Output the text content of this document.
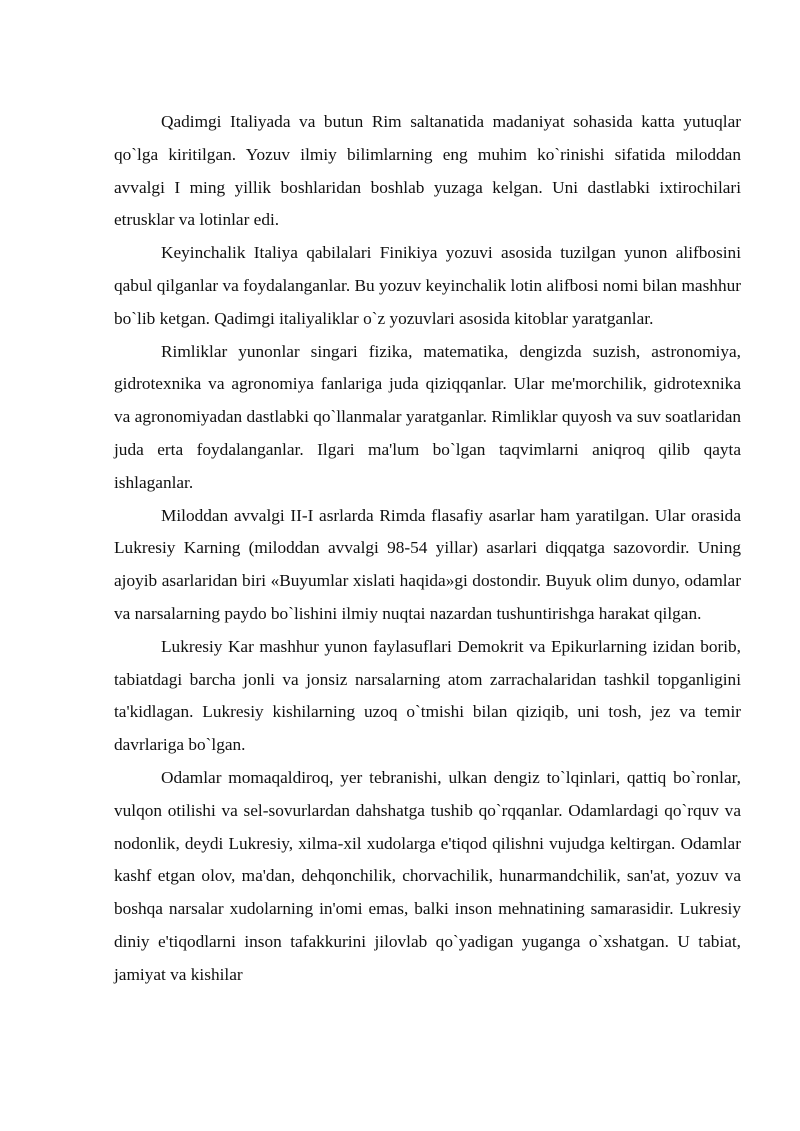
Qadimgi Italiyada va butun Rim saltanatida madaniyat sohasida katta yutuqlar qo`lga kiritilgan. Yozuv ilmiy bilimlarning eng muhim ko`rinishi sifatida miloddan avvalgi I ming yillik boshlaridan boshlab yuzaga kelgan. Uni dastlabki ixtirochilari etrusklar va lotinlar edi.

Keyinchalik Italiya qabilalari Finikiya yozuvi asosida tuzilgan yunon alifbosini qabul qilganlar va foydalanganlar. Bu yozuv keyinchalik lotin alifbosi nomi bilan mashhur bo`lib ketgan. Qadimgi italiyaliklar o`z yozuvlari asosida kitoblar yaratganlar.

Rimliklar yunonlar singari fizika, matematika, dengizda suzish, astronomiya, gidrotexnika va agronomiya fanlariga juda qiziqqanlar. Ular me'morchilik, gidrotexnika va agronomiyadan dastlabki qo`llanmalar yaratganlar. Rimliklar quyosh va suv soatlaridan juda erta foydalanganlar. Ilgari ma'lum bo`lgan taqvimlarni aniqroq qilib qayta ishlaganlar.

Miloddan avvalgi II-I asrlarda Rimda flasafiy asarlar ham yaratilgan. Ular orasida Lukresiy Karning (miloddan avvalgi 98-54 yillar) asarlari diqqatga sazovordir. Uning ajoyib asarlaridan biri «Buyumlar xislati haqida»gi dostondir. Buyuk olim dunyo, odamlar va narsalarning paydo bo`lishini ilmiy nuqtai nazardan tushuntirishga harakat qilgan.

Lukresiy Kar mashhur yunon faylasuflari Demokrit va Epikurlarning izidan borib, tabiatdagi barcha jonli va jonsiz narsalarning atom zarrachalaridan tashkil topganligini ta'kidlagan. Lukresiy kishilarning uzoq o`tmishi bilan qiziqib, uni tosh, jez va temir davrlariga bo`lgan.

Odamlar momaqaldiroq, yer tebranishi, ulkan dengiz to`lqinlari, qattiq bo`ronlar, vulqon otilishi va sel-sovurlardan dahshatga tushib qo`rqqanlar. Odamlardagi qo`rquv va nodonlik, deydi Lukresiy, xilma-xil xudolarga e'tiqod qilishni vujudga keltirgan. Odamlar kashf etgan olov, ma'dan, dehqonchilik, chorvachilik, hunarmandchilik, san'at, yozuv va boshqa narsalar xudolarning in'omi emas, balki inson mehnatining samarasidir. Lukresiy diniy e'tiqodlarni inson tafakkurini jilovlab qo`yadigan yuganga o`xshatgan. U tabiat, jamiyat va kishilar
